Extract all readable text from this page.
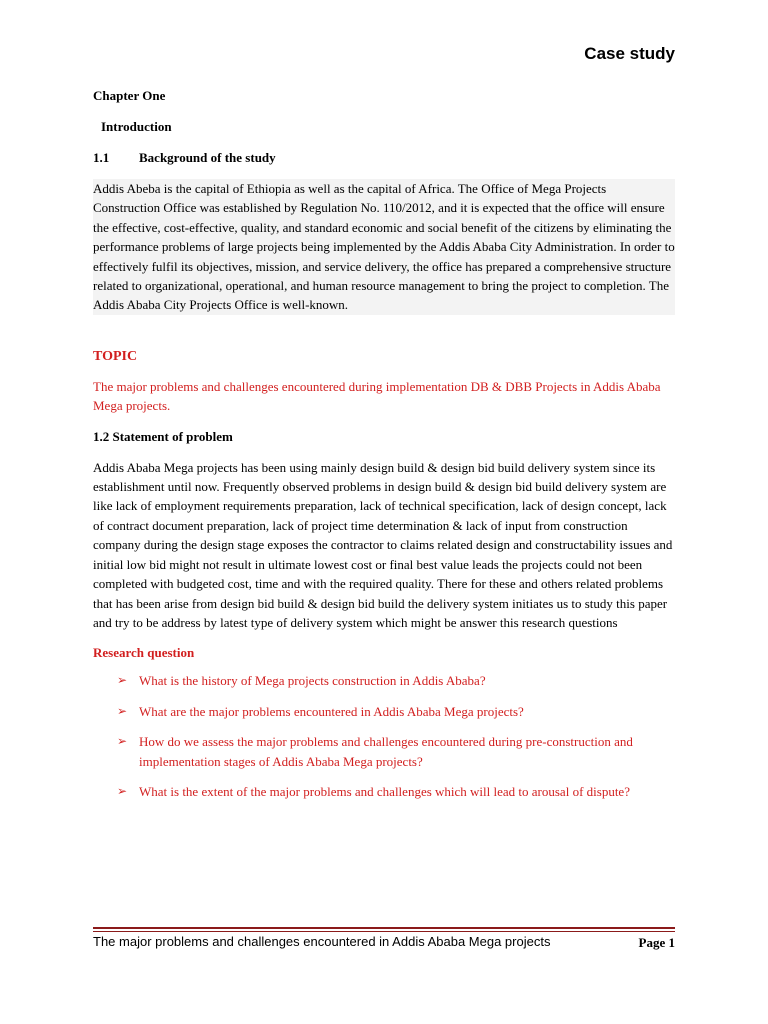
Case study
Chapter One
Introduction
1.1	Background of the study

Addis Abeba is the capital of Ethiopia as well as the capital of Africa. The Office of Mega Projects Construction Office was established by Regulation No. 110/2012, and it is expected that the office will ensure the effective, cost-effective, quality, and standard economic and social benefit of the citizens by eliminating the performance problems of large projects being implemented by the Addis Ababa City Administration. In order to effectively fulfil its objectives, mission, and service delivery, the office has prepared a comprehensive structure related to organizational, operational, and human resource management to bring the project to completion. The Addis Ababa City Projects Office is well-known.

TOPIC

The major problems and challenges encountered during implementation DB & DBB Projects in Addis Ababa Mega projects.

1.2 Statement of problem

Addis Ababa Mega projects has been using mainly design build & design bid build delivery system since its establishment until now. Frequently observed problems in design build & design bid build delivery system are like lack of employment requirements preparation, lack of technical specification, lack of design concept, lack of contract document preparation, lack of project time determination & lack of input from construction company during the design stage exposes the contractor to claims related design and constructability issues and initial low bid might not result in ultimate lowest cost or final best value leads the projects could not been completed with budgeted cost, time and with the required quality. There for these and others related problems that has been arise from design bid build & design bid build the delivery system initiates us to study this paper and try to be address by latest type of delivery system which might be answer this research questions

Research question
➢ What is the history of Mega projects construction in Addis Ababa?
➢ What are the major problems encountered in Addis Ababa Mega projects?
➢ How do we assess the major problems and challenges encountered during pre-construction and implementation stages of Addis Ababa Mega projects?
➢ What is the extent of the major problems and challenges which will lead to arousal of dispute?
The major problems and challenges encountered in Addis Ababa Mega projects	Page 1
